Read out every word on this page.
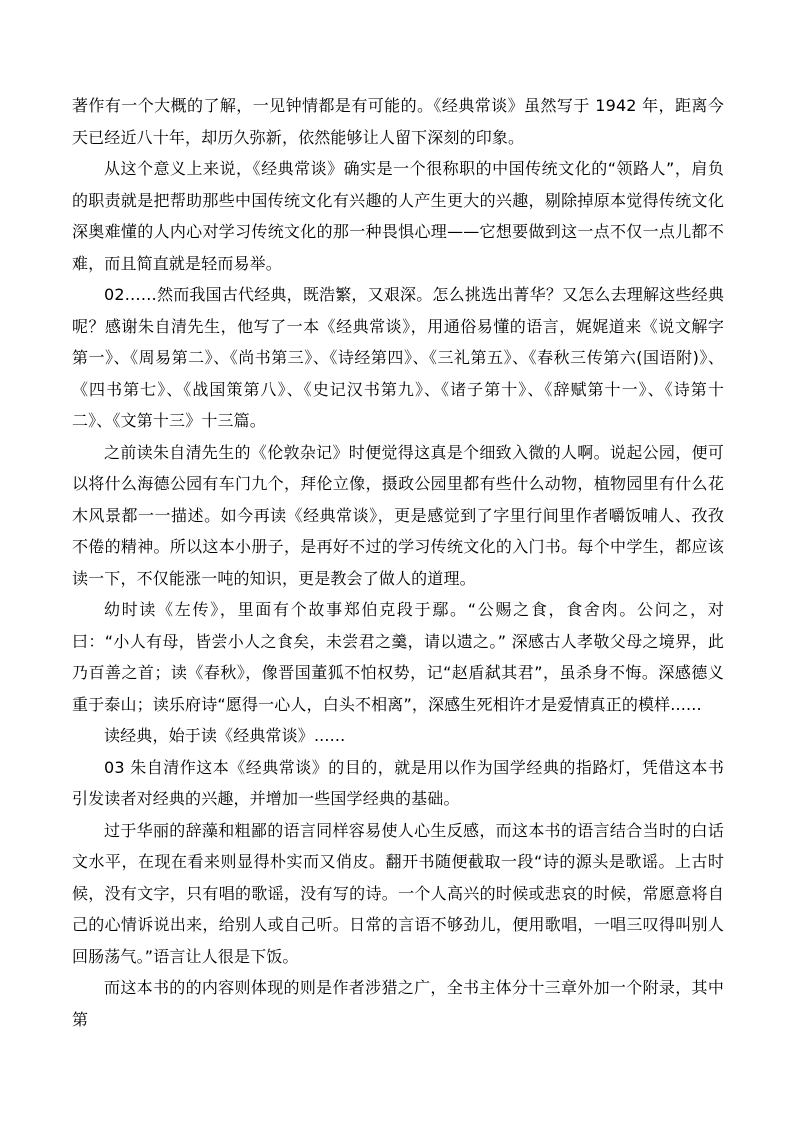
著作有一个大概的了解，一见钟情都是有可能的。《经典常谈》虽然写于 1942 年，距离今天已经近八十年，却历久弥新，依然能够让人留下深刻的印象。

从这个意义上来说，《经典常谈》确实是一个很称职的中国传统文化的“领路人”，肩负的职责就是把帮助那些中国传统文化有兴趣的人产生更大的兴趣，剔除掉原本觉得传统文化深奥难懂的人内心对学习传统文化的那一种畏惧心理——它想要做到这一点不仅一点儿都不难，而且简直就是轻而易举。

02……然而我国古代经典，既浩繁，又艰深。怎么挑选出菁华？又怎么去理解这些经典呢？感谢朱自清先生，他写了一本《经典常谈》，用通俗易懂的语言，娓娓道来《说文解字第一》、《周易第二》、《尚书第三》、《诗经第四》、《三礼第五》、《春秋三传第六(国语附)》、《四书第七》、《战国策第八》、《史记汉书第九》、《诸子第十》、《辞赋第十一》、《诗第十二》、《文第十三》十三篇。

之前读朱自清先生的《伦敦杂记》时便觉得这真是个细致入微的人啊。说起公园，便可以将什么海德公园有车门九个，拜伦立像，摄政公园里都有些什么动物，植物园里有什么花木风景都一一描述。如今再读《经典常谈》，更是感觉到了字里行间里作者嚼饭哺人、孜孜不倦的精神。所以这本小册子，是再好不过的学习传统文化的入门书。每个中学生，都应该读一下，不仅能涨一吨的知识，更是教会了做人的道理。

幼时读《左传》，里面有个故事郑伯克段于鄢。“公赐之食，食舍肉。公问之，对曰：“小人有母，皆尝小人之食矣，未尝君之羹，请以遗之。” 深感古人孝敬父母之境界，此乃百善之首；读《春秋》，像晋国董狐不怕权势，记“赵盾弑其君”，虽杀身不悔。深感德义重于泰山；读乐府诗“愿得一心人，白头不相离”，深感生死相许才是爱情真正的模样......

读经典，始于读《经典常谈》......

03 朱自清作这本《经典常谈》的目的，就是用以作为国学经典的指路灯，凭借这本书引发读者对经典的兴趣，并增加一些国学经典的基础。

过于华丽的辞藻和粗鄙的语言同样容易使人心生反感，而这本书的语言结合当时的白话文水平，在现在看来则显得朴实而又俏皮。翻开书随便截取一段“诗的源头是歌谣。上古时候，没有文字，只有唱的歌谣，没有写的诗。一个人高兴的时候或悲哀的时候，常愿意将自己的心情诉说出来，给别人或自己听。日常的言语不够劲儿，便用歌唱，一唱三叹得叫别人回肠荡气。”语言让人很是下饭。

而这本书的的内容则体现的则是作者涉猎之广，全书主体分十三章外加一个附录，其中第
